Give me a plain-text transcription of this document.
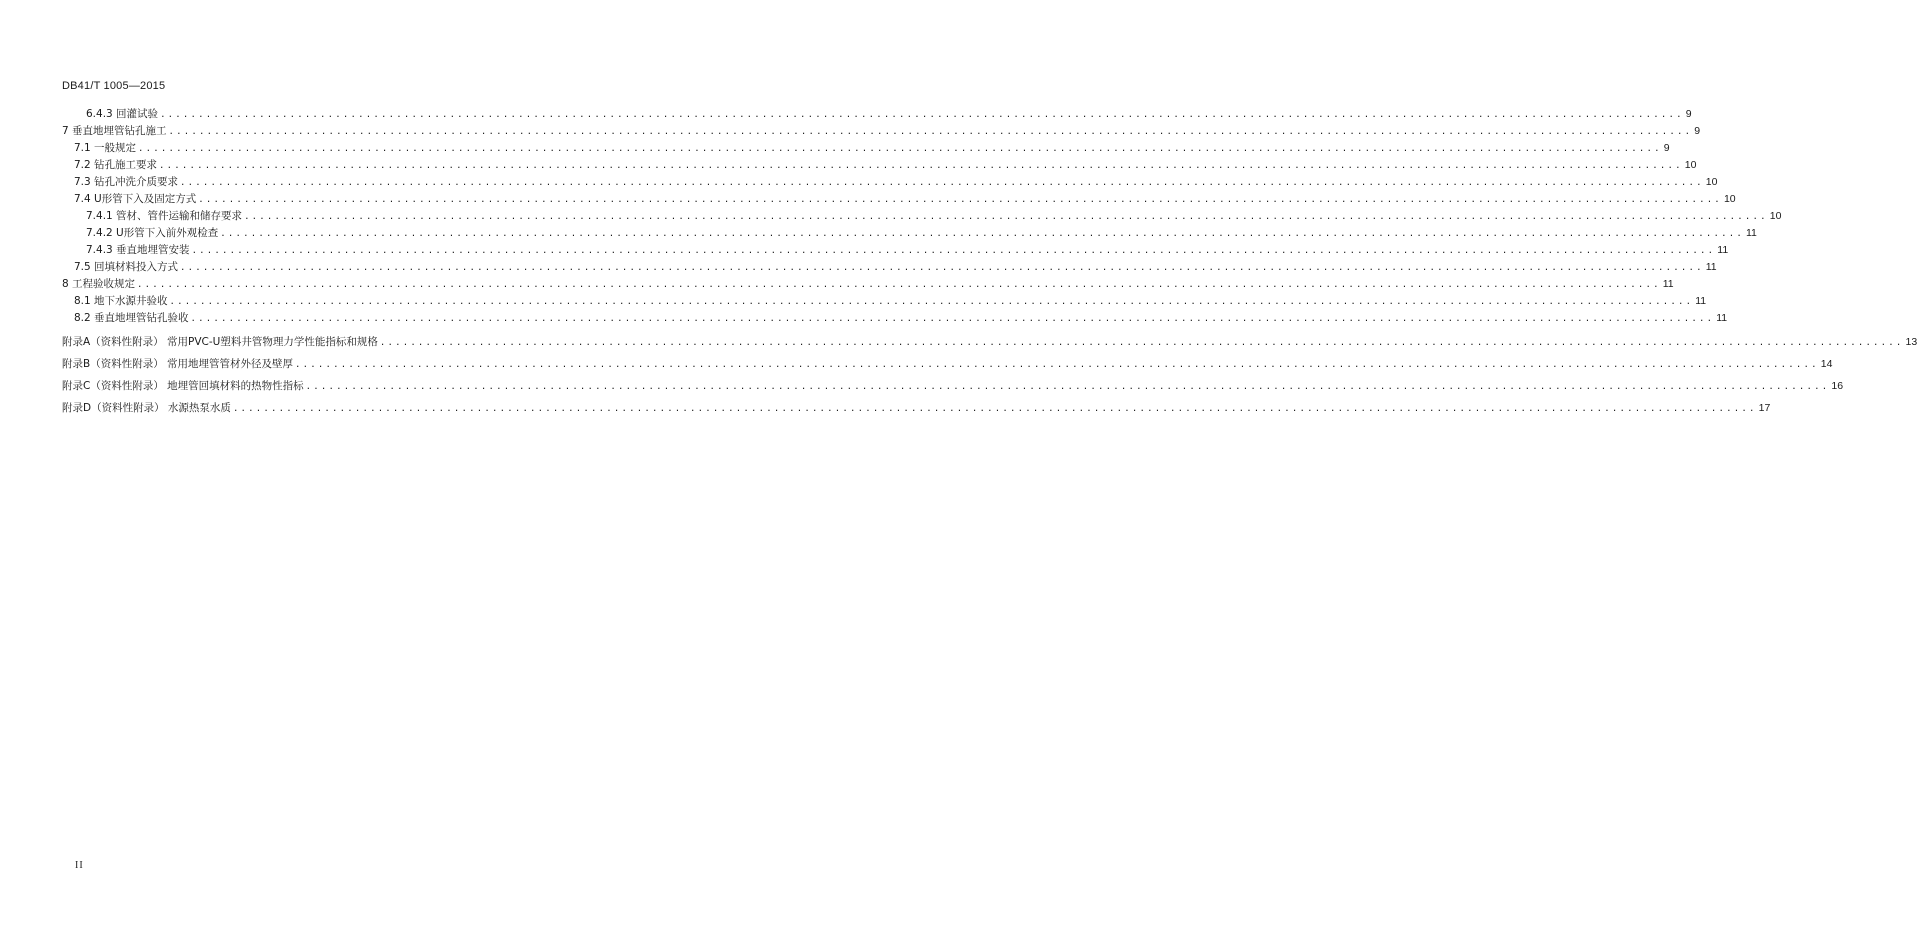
DB41/T 1005—2015
6.4.3 回灌试验 ........................................................................................................................................................................................................ 9
7 垂直地埋管钻孔施工 ........................................................................................................................................................................................................ 9
7.1 一般规定 ........................................................................................................................................................................................................ 9
7.2 钻孔施工要求 ........................................................................................................................................................................................................ 10
7.3 钻孔冲洗介质要求 ........................................................................................................................................................................................................ 10
7.4 U形管下入及固定方式 ........................................................................................................................................................................................................ 10
7.4.1 管材、管件运输和储存要求 ........................................................................................................................................................................................................ 10
7.4.2 U形管下入前外观检查 ........................................................................................................................................................................................................ 11
7.4.3 垂直地埋管安装 ........................................................................................................................................................................................................ 11
7.5 回填材料投入方式 ........................................................................................................................................................................................................ 11
8 工程验收规定 ........................................................................................................................................................................................................ 11
8.1 地下水源井验收 ........................................................................................................................................................................................................ 11
8.2 垂直地埋管钻孔验收 ........................................................................................................................................................................................................ 11
附录A（资料性附录） 常用PVC-U塑料井管物理力学性能指标和规格 ........................................................................................................................................................................................................ 13
附录B（资料性附录） 常用地埋管管材外径及壁厚 ........................................................................................................................................................................................................ 14
附录C（资料性附录） 地埋管回填材料的热物性指标 ........................................................................................................................................................................................................ 16
附录D（资料性附录） 水源热泵水质 ........................................................................................................................................................................................................ 17
II
